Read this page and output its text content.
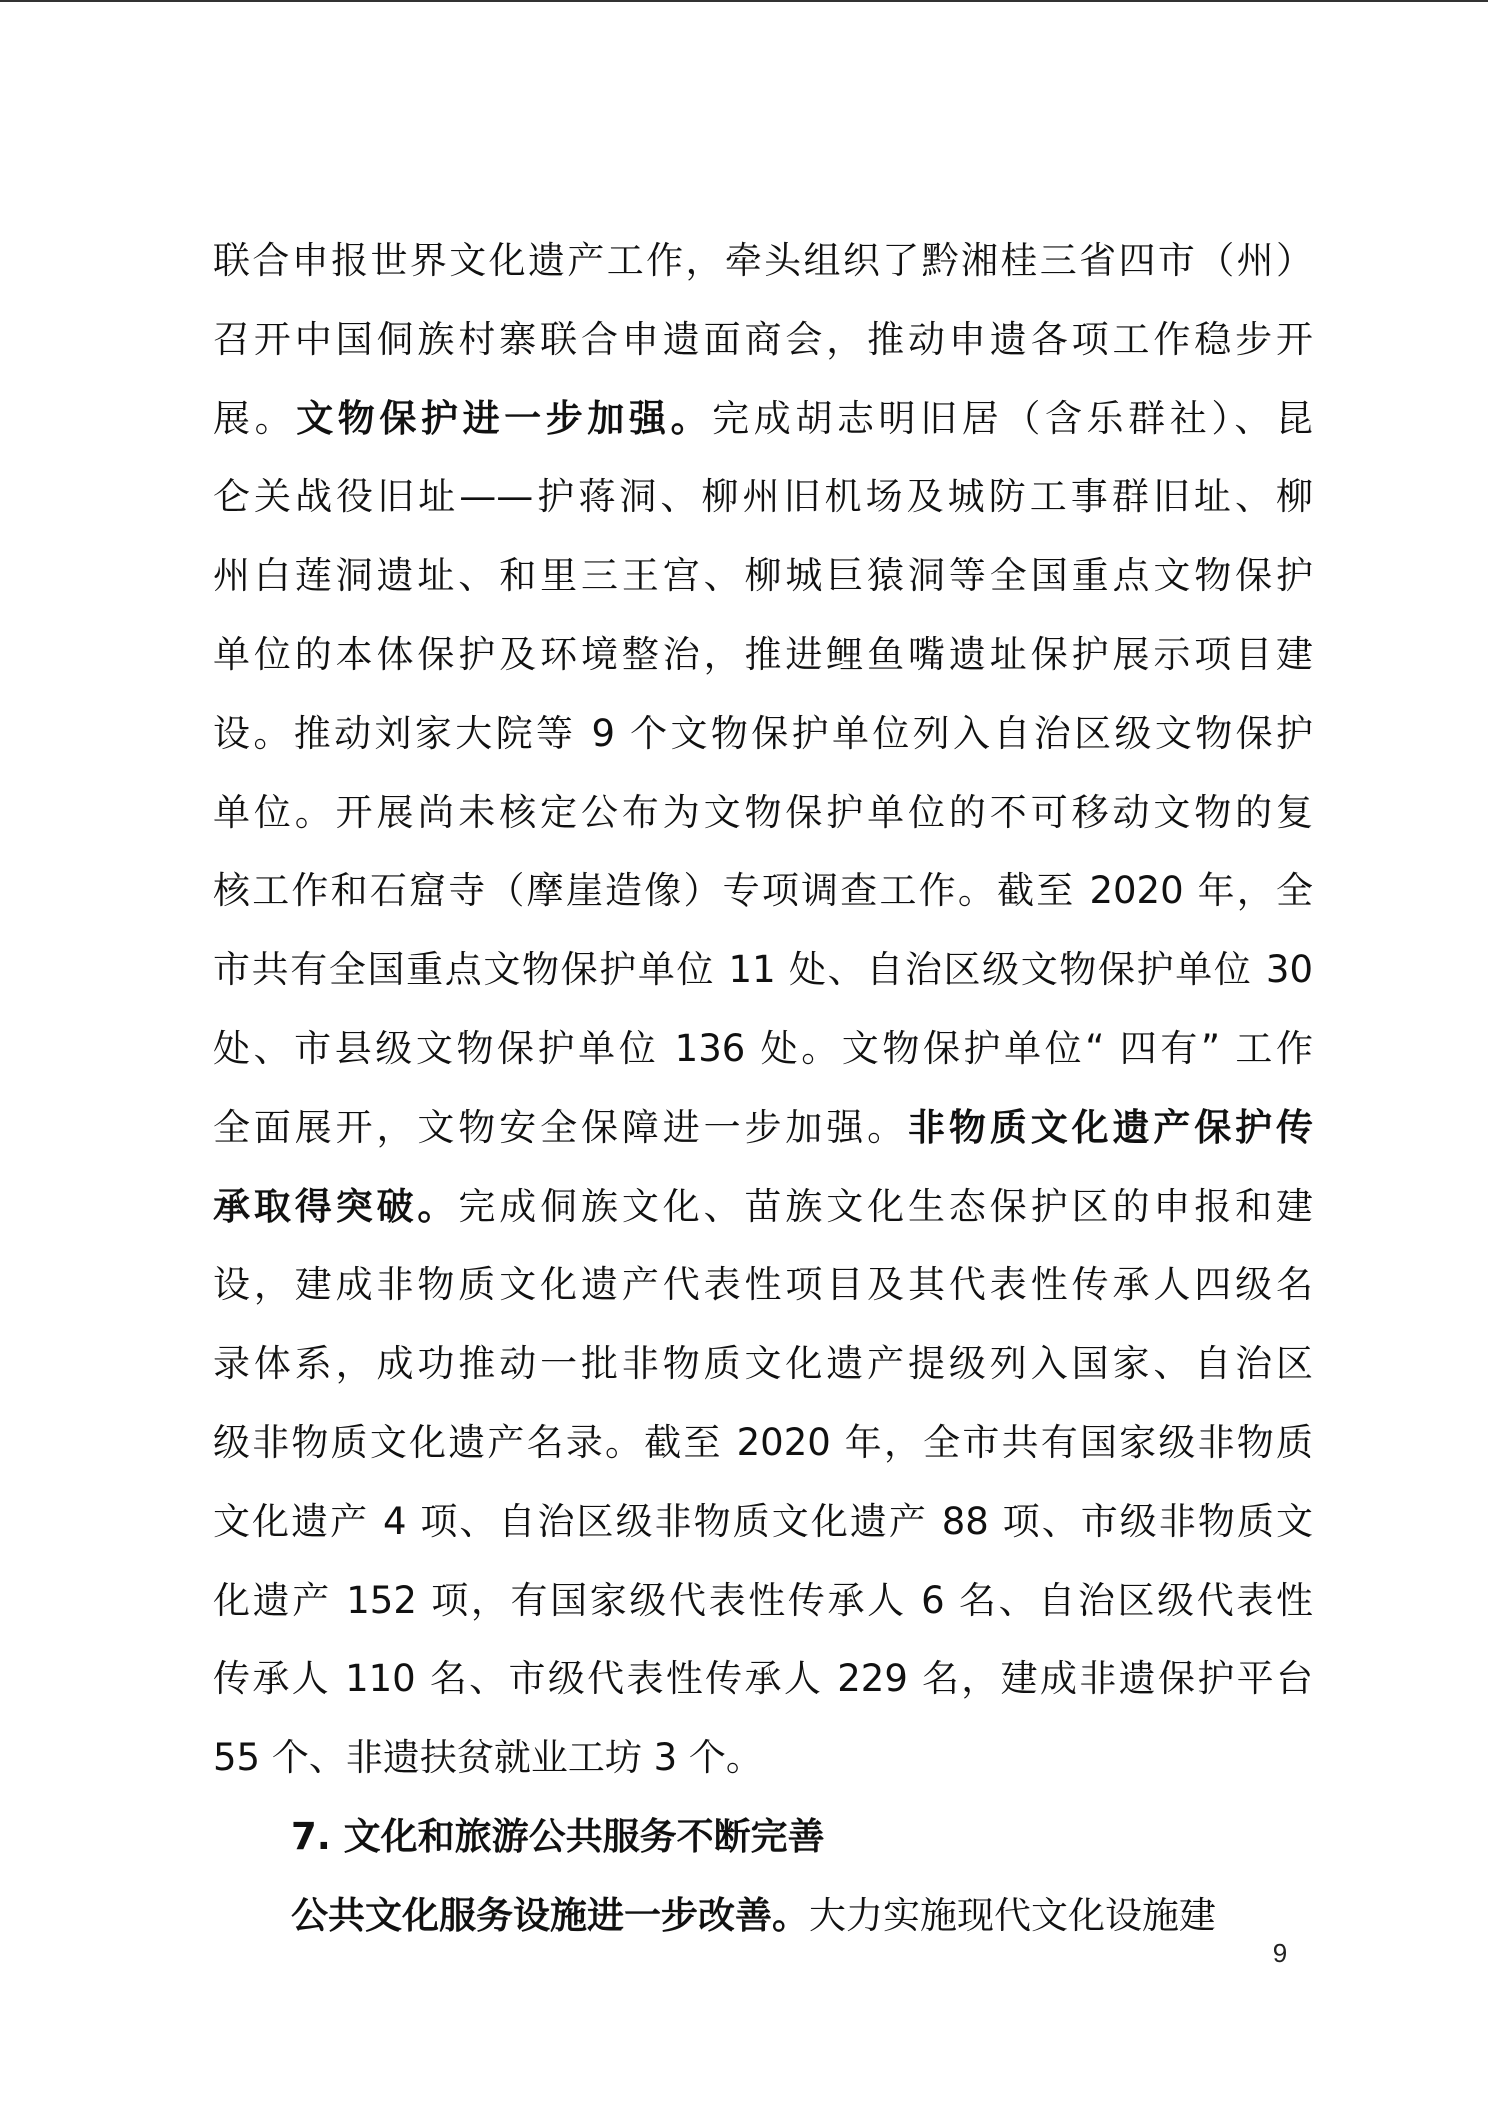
联合申报世界文化遗产工作，牵头组织了黔湘桂三省四市（州）
召开中国侗族村寨联合申遗面商会，推动申遗各项工作稳步开
展。文物保护进一步加强。完成胡志明旧居（含乐群社）、昆
仑关战役旧址——护蒋洞、柳州旧机场及城防工事群旧址、柳
州白莲洞遗址、和里三王宫、柳城巨猿洞等全国重点文物保护
单位的本体保护及环境整治，推进鲤鱼嘴遗址保护展示项目建
设。推动刘家大院等 9 个文物保护单位列入自治区级文物保护
单位。开展尚未核定公布为文物保护单位的不可移动文物的复
核工作和石窟寺（摩崖造像）专项调查工作。截至 2020 年，全
市共有全国重点文物保护单位 11 处、自治区级文物保护单位 30
处、市县级文物保护单位 136 处。文物保护单位“ 四有” 工作
全面展开，文物安全保障进一步加强。非物质文化遗产保护传
承取得突破。完成侗族文化、苗族文化生态保护区的申报和建
设，建成非物质文化遗产代表性项目及其代表性传承人四级名
录体系，成功推动一批非物质文化遗产提级列入国家、自治区
级非物质文化遗产名录。截至 2020 年，全市共有国家级非物质
文化遗产 4 项、自治区级非物质文化遗产 88 项、市级非物质文
化遗产 152 项，有国家级代表性传承人 6 名、自治区级代表性
传承人 110 名、市级代表性传承人 229 名，建成非遗保护平台
55 个、非遗扶贫就业工坊 3 个。
7. 文化和旅游公共服务不断完善
公共文化服务设施进一步改善。大力实施现代文化设施建
9
